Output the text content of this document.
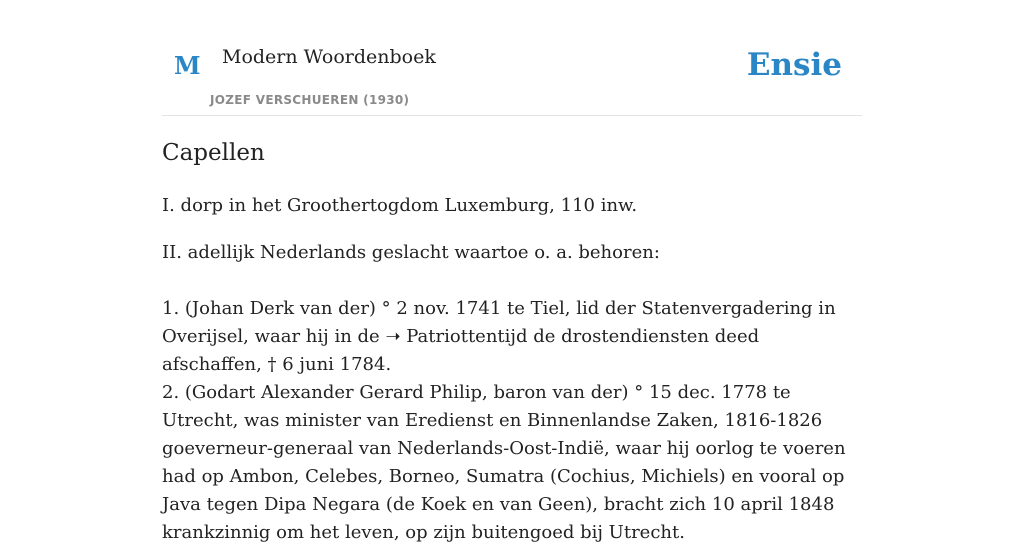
M Modern Woordenboek
JOZEF VERSCHUEREN (1930)
Ensie
Capellen

I. dorp in het Groothertogdom Luxemburg, 110 inw.

II. adellijk Nederlands geslacht waartoe o. a. behoren:

1. (Johan Derk van der) ° 2 nov. 1741 te Tiel, lid der Statenvergadering in Overijsel, waar hij in de ➝ Patriottentijd de drostendiensten deed afschaffen, † 6 juni 1784.
2. (Godart Alexander Gerard Philip, baron van der) ° 15 dec. 1778 te Utrecht, was minister van Eredienst en Binnenlandse Zaken, 1816-1826 goeverneur-generaal van Nederlands-Oost-Indië, waar hij oorlog te voeren had op Ambon, Celebes, Borneo, Sumatra (Cochius, Michiels) en vooral op Java tegen Dipa Negara (de Koek en van Geen), bracht zich 10 april 1848 krankzinnig om het leven, op zijn buitengoed bij Utrecht.
